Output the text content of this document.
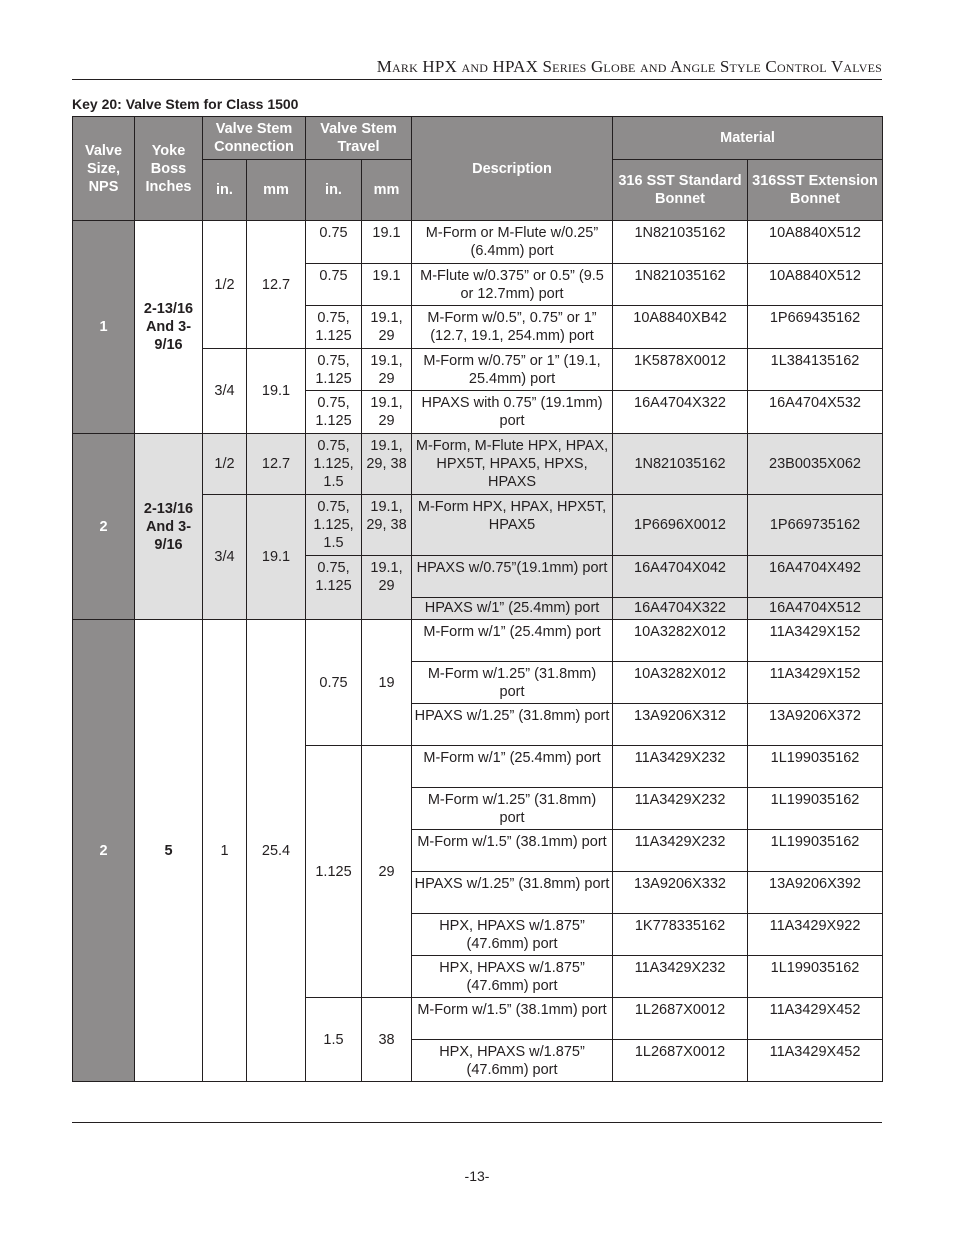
Mark HPX and HPAX Series Globe and Angle Style Control Valves
Key 20: Valve Stem for Class 1500
Valve Size, NPS	Yoke Boss Inches	Valve Stem Connection		Valve Stem Travel		Description	Material	
		in.	mm	in.	mm		316 SST Standard Bonnet	316SST Extension Bonnet
1	2-13/16 And 3-9/16	1/2	12.7	0.75	19.1	M-Form or M-Flute w/0.25” (6.4mm) port	1N821035162	10A8840X512
				0.75	19.1	M-Flute w/0.375” or 0.5” (9.5 or 12.7mm) port	1N821035162	10A8840X512
				0.75, 1.125	19.1, 29	M-Form w/0.5”, 0.75” or 1” (12.7, 19.1, 254.mm) port	10A8840XB42	1P669435162
		3/4	19.1	0.75, 1.125	19.1, 29	M-Form w/0.75” or 1” (19.1, 25.4mm) port	1K5878X0012	1L384135162
				0.75, 1.125	19.1, 29	HPAXS with 0.75” (19.1mm) port	16A4704X322	16A4704X532
2	2-13/16 And 3-9/16	1/2	12.7	0.75, 1.125, 1.5	19.1, 29, 38	M-Form, M-Flute HPX, HPAX, HPX5T, HPAX5, HPXS, HPAXS	1N821035162	23B0035X062
		3/4	19.1	0.75, 1.125, 1.5	19.1, 29, 38	M-Form HPX, HPAX, HPX5T, HPAX5	1P6696X0012	1P669735162
				0.75, 1.125	19.1, 29	HPAXS w/0.75”(19.1mm) port	16A4704X042	16A4704X492
						HPAXS w/1” (25.4mm) port	16A4704X322	16A4704X512
2	5	1	25.4	0.75	19	M-Form w/1” (25.4mm) port	10A3282X012	11A3429X152
						M-Form w/1.25” (31.8mm) port	10A3282X012	11A3429X152
						HPAXS w/1.25” (31.8mm) port	13A9206X312	13A9206X372
				1.125	29	M-Form w/1” (25.4mm) port	11A3429X232	1L199035162
						M-Form w/1.25” (31.8mm) port	11A3429X232	1L199035162
						M-Form w/1.5” (38.1mm) port	11A3429X232	1L199035162
						HPAXS w/1.25” (31.8mm) port	13A9206X332	13A9206X392
						HPX, HPAXS w/1.875” (47.6mm) port	1K778335162	11A3429X922
						HPX, HPAXS w/1.875” (47.6mm) port	11A3429X232	1L199035162
				1.5	38	M-Form w/1.5” (38.1mm) port	1L2687X0012	11A3429X452
						HPX, HPAXS w/1.875” (47.6mm) port	1L2687X0012	11A3429X452
-13-
